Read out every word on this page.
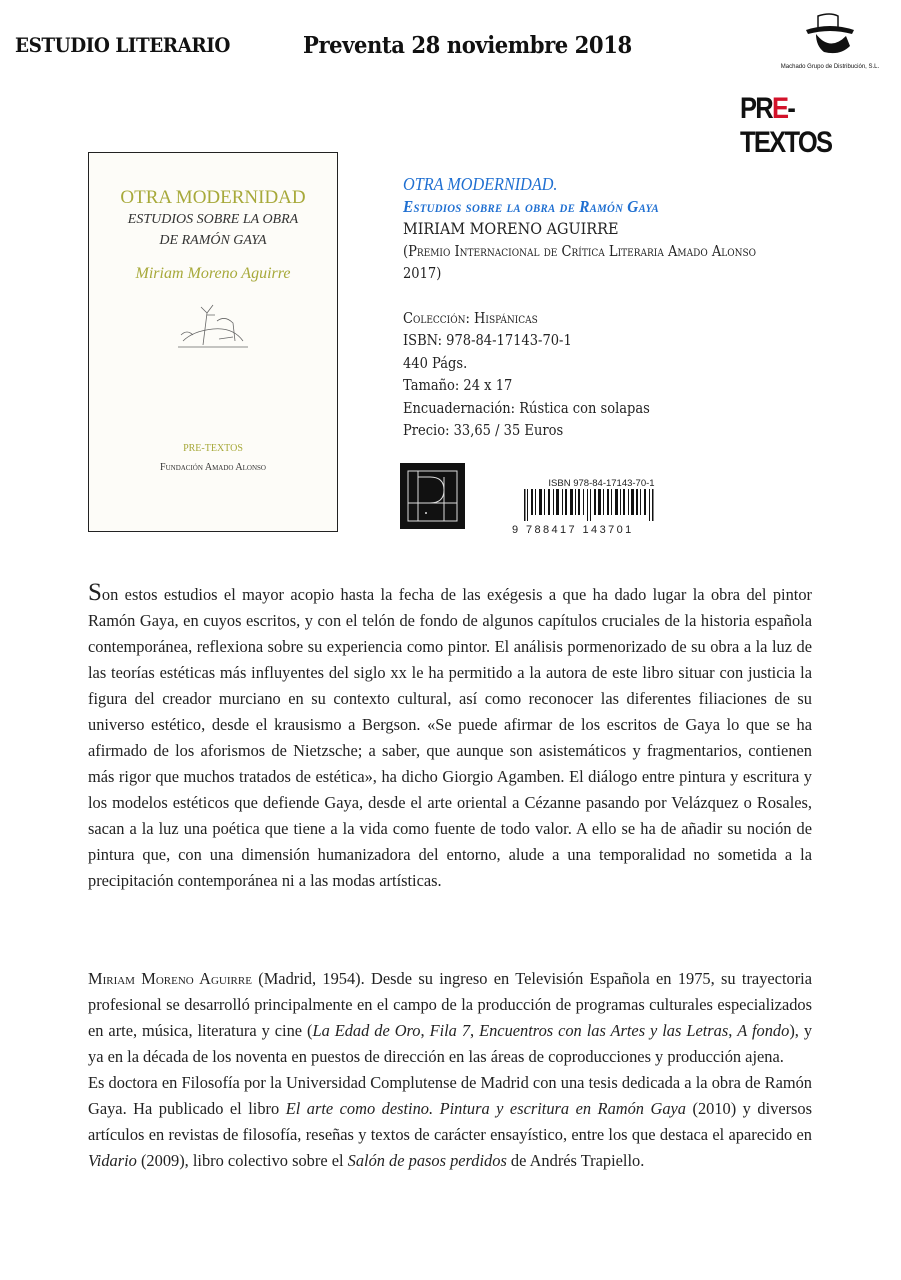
ESTUDIO LITERARIO	Preventa 28 noviembre 2018
Machado Grupo de Distribución, S.L.
PRE-TEXTOS
OTRA MODERNIDAD
ESTUDIOS SOBRE LA OBRA
DE RAMÓN GAYA
Miriam Moreno Aguirre
PRE-TEXTOS
Fundación Amado Alonso
OTRA MODERNIDAD.
Estudios sobre la obra de Ramón Gaya
MIRIAM MORENO AGUIRRE
(Premio Internacional de Crítica Literaria Amado Alonso 2017)
Colección: Hispánicas
ISBN: 978-84-17143-70-1
440 Págs.
Tamaño: 24 x 17
Encuadernación: Rústica con solapas
Precio: 33,65 / 35 Euros
ISBN 978-84-17143-70-1
9 788417 143701
Son estos estudios el mayor acopio hasta la fecha de las exégesis a que ha dado lugar la obra del pintor Ramón Gaya, en cuyos escritos, y con el telón de fondo de algunos capítulos cruciales de la historia española contemporánea, reflexiona sobre su experiencia como pintor. El análisis pormenorizado de su obra a la luz de las teorías estéticas más influyentes del siglo xx le ha permitido a la autora de este libro situar con justicia la figura del creador murciano en su contexto cultural, así como reconocer las diferentes filiaciones de su universo estético, desde el krausismo a Bergson. «Se puede afirmar de los escritos de Gaya lo que se ha afirmado de los aforismos de Nietzsche; a saber, que aunque son asistemáticos y fragmentarios, contienen más rigor que muchos tratados de estética», ha dicho Giorgio Agamben. El diálogo entre pintura y escritura y los modelos estéticos que defiende Gaya, desde el arte oriental a Cézanne pasando por Velázquez o Rosales, sacan a la luz una poética que tiene a la vida como fuente de todo valor. A ello se ha de añadir su noción de pintura que, con una dimensión humanizadora del entorno, alude a una temporalidad no sometida a la precipitación contemporánea ni a las modas artísticas.
Miriam Moreno Aguirre (Madrid, 1954). Desde su ingreso en Televisión Española en 1975, su trayectoria profesional se desarrolló principalmente en el campo de la producción de programas culturales especializados en arte, música, literatura y cine (La Edad de Oro, Fila 7, Encuentros con las Artes y las Letras, A fondo), y ya en la década de los noventa en puestos de dirección en las áreas de coproducciones y producción ajena.
Es doctora en Filosofía por la Universidad Complutense de Madrid con una tesis dedicada a la obra de Ramón Gaya. Ha publicado el libro El arte como destino. Pintura y escritura en Ramón Gaya (2010) y diversos artículos en revistas de filosofía, reseñas y textos de carácter ensayístico, entre los que destaca el aparecido en Vidario (2009), libro colectivo sobre el Salón de pasos perdidos de Andrés Trapiello.
